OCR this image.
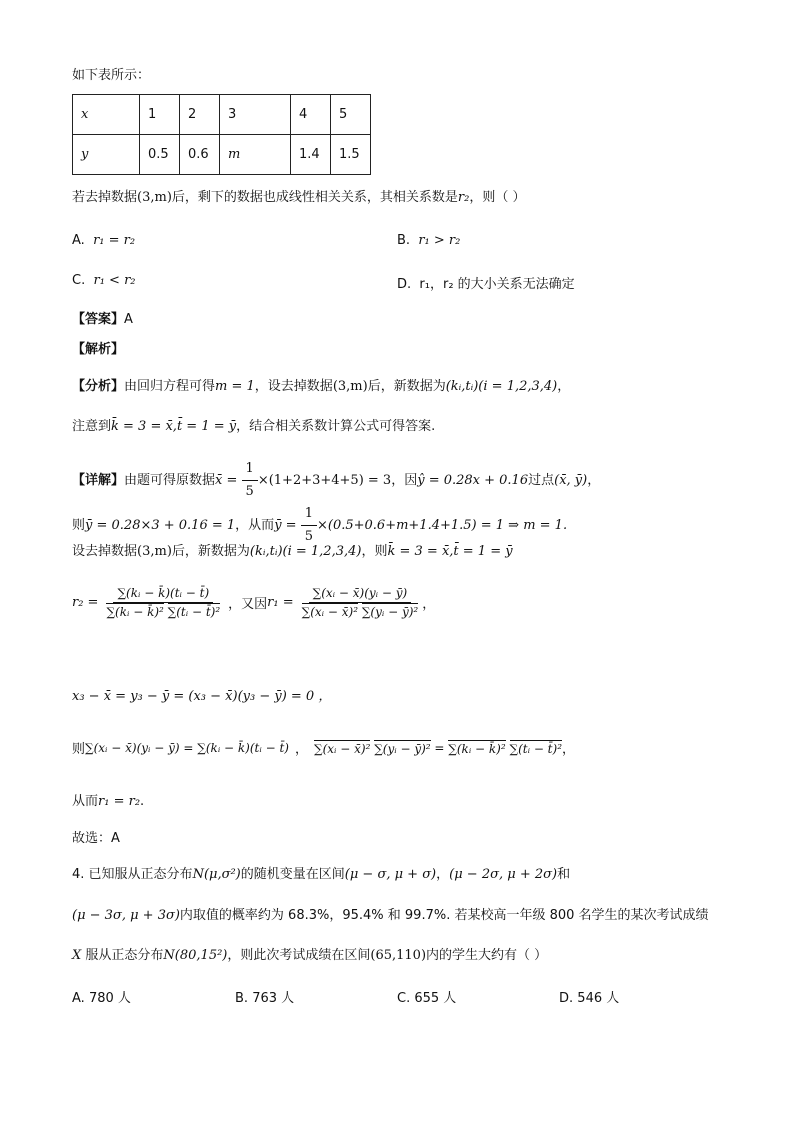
如下表所示：
x	1	2	3	4	5
y	0.5	0.6	m	1.4	1.5
若去掉数据(3,m)后，剩下的数据也成线性相关关系，其相关系数是r₂，则（ ）
A. r₁ = r₂	B. r₁ > r₂
C. r₁ < r₂	D. r₁，r₂ 的大小关系无法确定
【答案】A
【解析】
【分析】由回归方程可得m = 1，设去掉数据(3,m)后，新数据为(kᵢ,tᵢ)(i = 1,2,3,4)，
注意到k̄ = 3 = x̄,t̄ = 1 = ȳ，结合相关系数计算公式可得答案.
【详解】由题可得原数据x̄ = $\frac{1}{5} \times(1+2+3+4+5) = 3$，因ŷ = 0.28x + 0.16过点(x̄, ȳ)，
则ȳ = 0.28×3 + 0.16 = 1，从而ȳ = $\frac{1}{5} \times(0.5+0.6+m+1.4+1.5) = 1$ ⇒ m = 1.
设去掉数据(3,m)后，新数据为(kᵢ,tᵢ)(i = 1,2,3,4)，则k̄ = 3 = x̄,t̄ = 1 = ȳ
$r_2 = \frac{\text{∑(kᵢ − k̄)(tᵢ − t̄)}}{\text{∑(kᵢ − k̄)² ∑(tᵢ − t̄)²}}$ ，又因 $r_1 = \frac{\text{∑(xᵢ − x̄)(yᵢ − ȳ)}}{\text{∑(xᵢ − x̄)² ∑(yᵢ − ȳ)²}}$ ，
x₃ − x̄ = y₃ − ȳ = (x₃ − x̄)(y₃ − ȳ) = 0 ，
则 ∑(xᵢ − x̄)(yᵢ − ȳ) = ∑(kᵢ − k̄)(tᵢ − t̄) ， ∑(xᵢ − x̄)²
∑(yᵢ − ȳ)² = ∑(kᵢ − k̄)²
∑(tᵢ − t̄)² ，
从而r₁ = r₂.
故选：A
4. 已知服从正态分布N(μ,σ²)的随机变量在区间(μ − σ, μ + σ)，(μ − 2σ, μ + 2σ)和
(μ − 3σ, μ + 3σ)内取值的概率约为 68.3%，95.4% 和 99.7%. 若某校高一年级 800 名学生的某次考试成绩
X 服从正态分布N(80,15²)，则此次考试成绩在区间(65,110)内的学生大约有（ ）
A. 780 人	B. 763 人	C. 655 人	D. 546 人
